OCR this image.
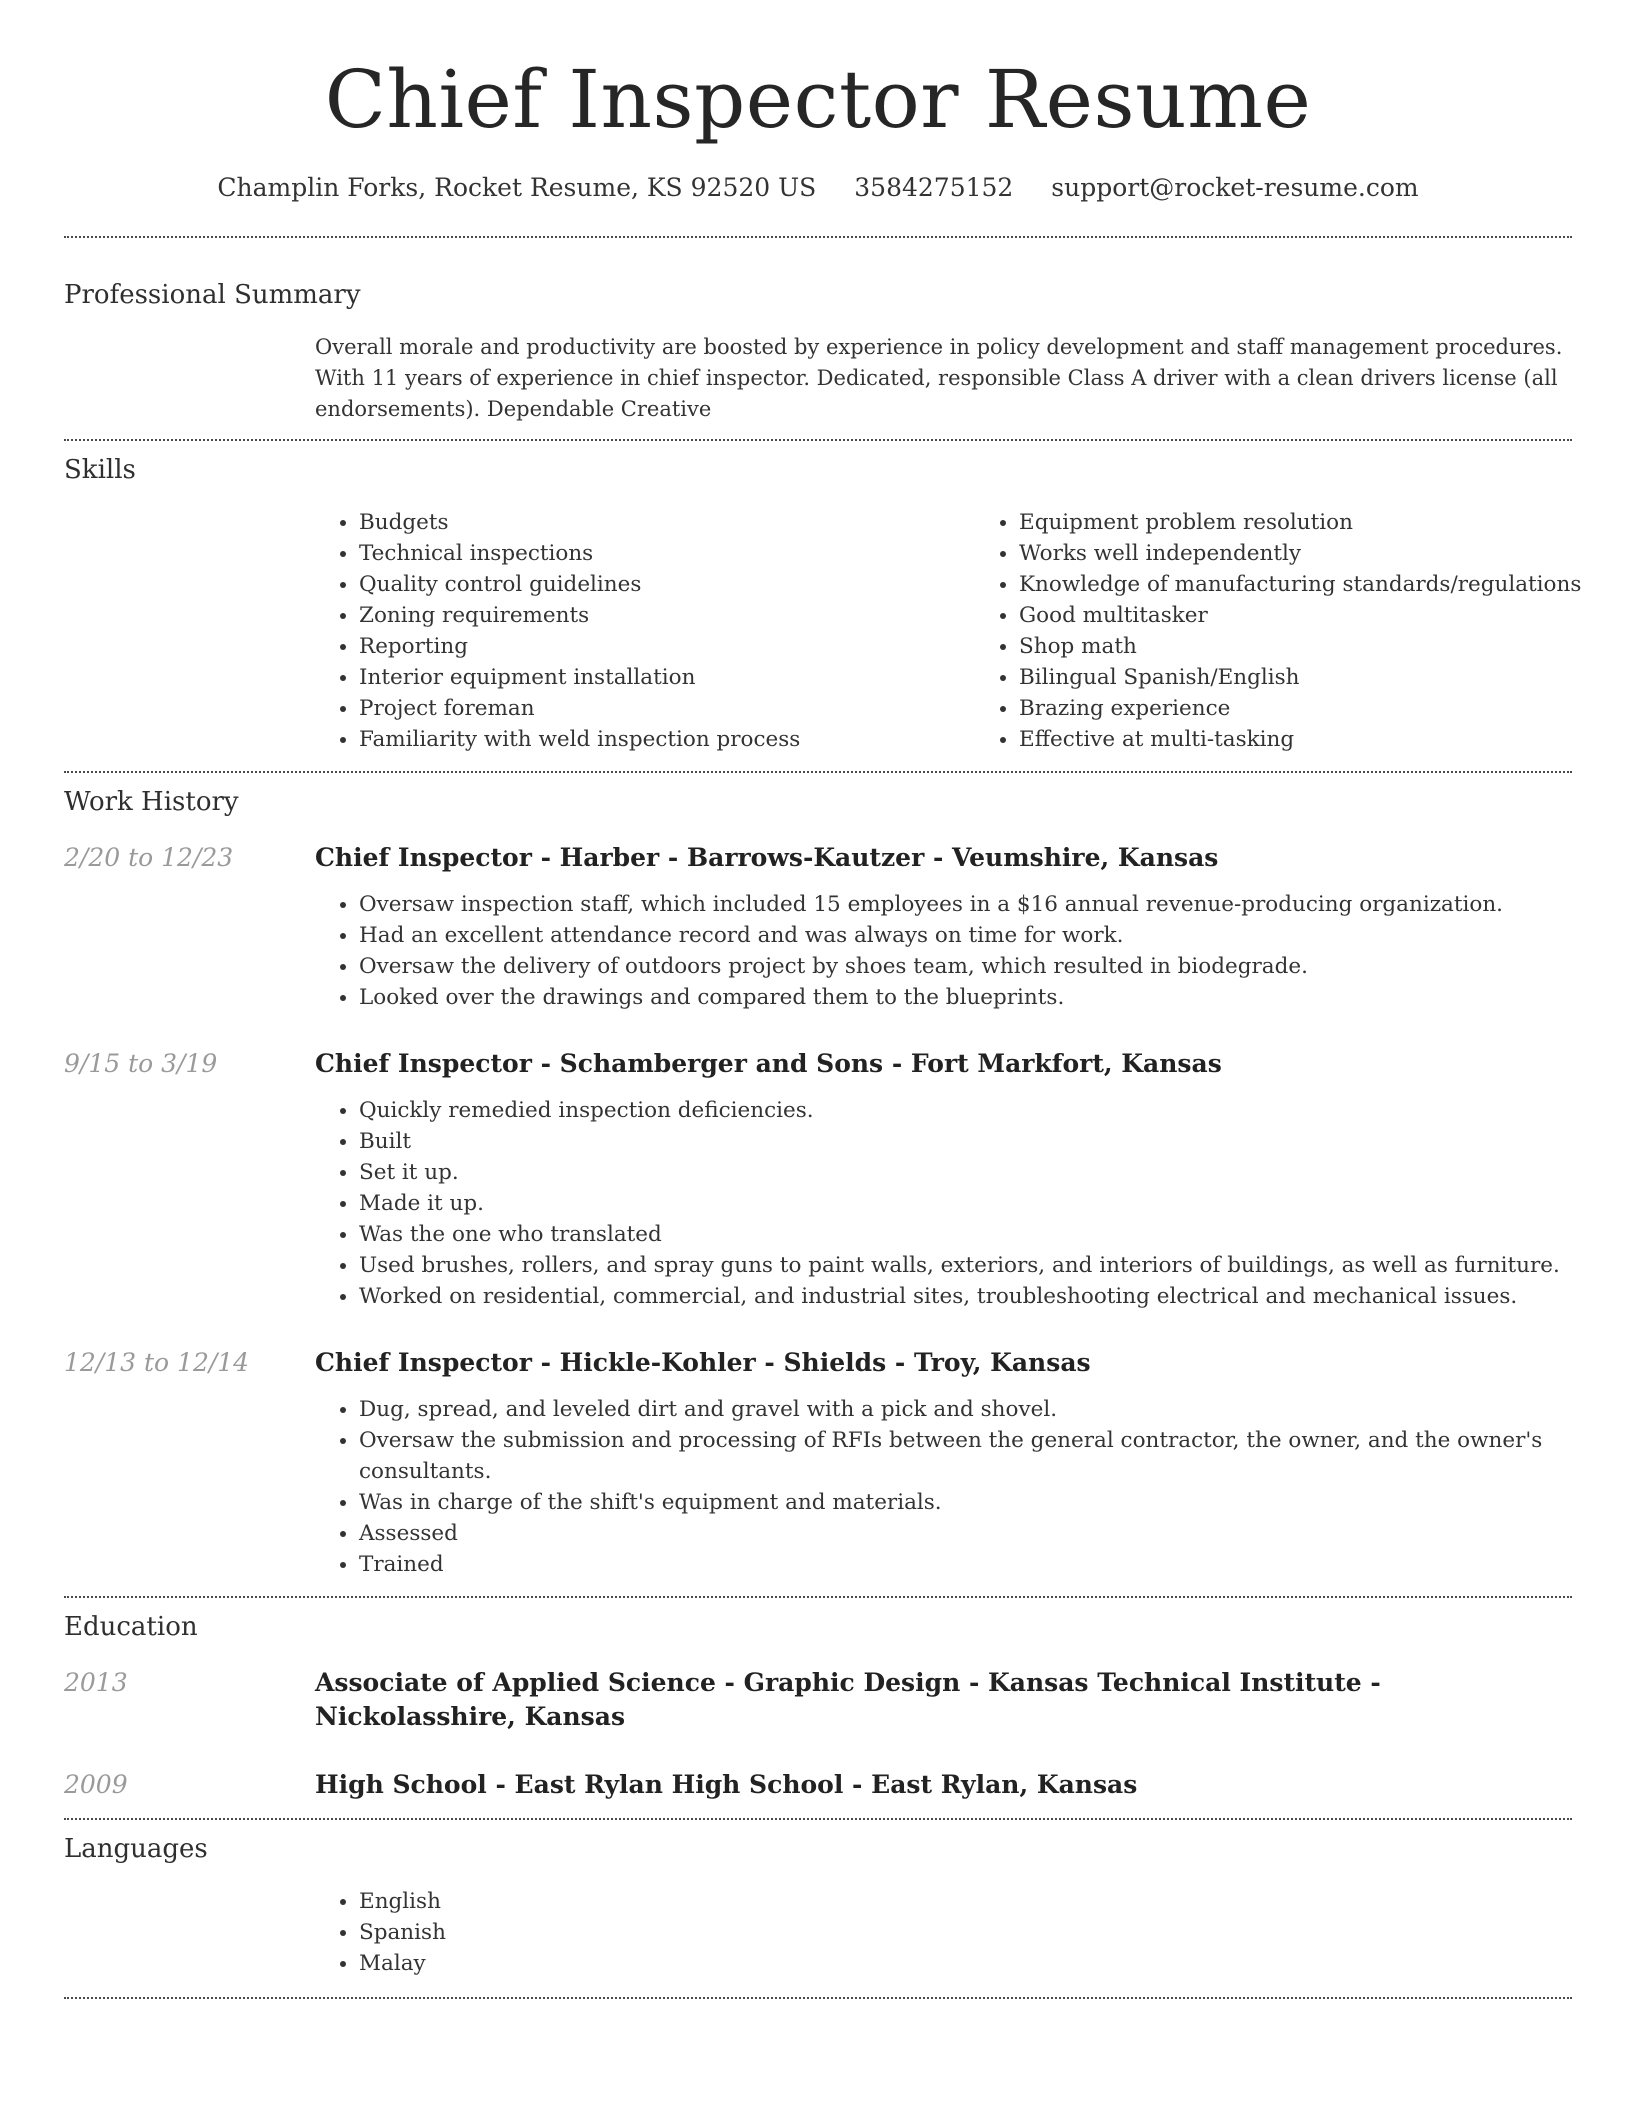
Chief Inspector Resume
Champlin Forks, Rocket Resume, KS 92520 US 3584275152 support@rocket-resume.com
Professional Summary

Overall morale and productivity are boosted by experience in policy development and staff management procedures. With 11 years of experience in chief inspector. Dedicated, responsible Class A driver with a clean drivers license (all endorsements). Dependable Creative

Skills
• Budgets
• Technical inspections
• Quality control guidelines
• Zoning requirements
• Reporting
• Interior equipment installation
• Project foreman
• Familiarity with weld inspection process
• Equipment problem resolution
• Works well independently
• Knowledge of manufacturing standards/regulations
• Good multitasker
• Shop math
• Bilingual Spanish/English
• Brazing experience
• Effective at multi-tasking
Work History
2/20 to 12/23	Chief Inspector - Harber - Barrows-Kautzer - Veumshire, Kansas
• Oversaw inspection staff, which included 15 employees in a $16 annual revenue-producing organization.
• Had an excellent attendance record and was always on time for work.
• Oversaw the delivery of outdoors project by shoes team, which resulted in biodegrade.
• Looked over the drawings and compared them to the blueprints.
9/15 to 3/19	Chief Inspector - Schamberger and Sons - Fort Markfort, Kansas
• Quickly remedied inspection deficiencies.
• Built
• Set it up.
• Made it up.
• Was the one who translated
• Used brushes, rollers, and spray guns to paint walls, exteriors, and interiors of buildings, as well as furniture.
• Worked on residential, commercial, and industrial sites, troubleshooting electrical and mechanical issues.
12/13 to 12/14	Chief Inspector - Hickle-Kohler - Shields - Troy, Kansas
• Dug, spread, and leveled dirt and gravel with a pick and shovel.
• Oversaw the submission and processing of RFIs between the general contractor, the owner, and the owner's consultants.
• Was in charge of the shift's equipment and materials.
• Assessed
• Trained
Education
2013	Associate of Applied Science - Graphic Design - Kansas Technical Institute - Nickolasshire, Kansas
2009	High School - East Rylan High School - East Rylan, Kansas
Languages
• English
• Spanish
• Malay
